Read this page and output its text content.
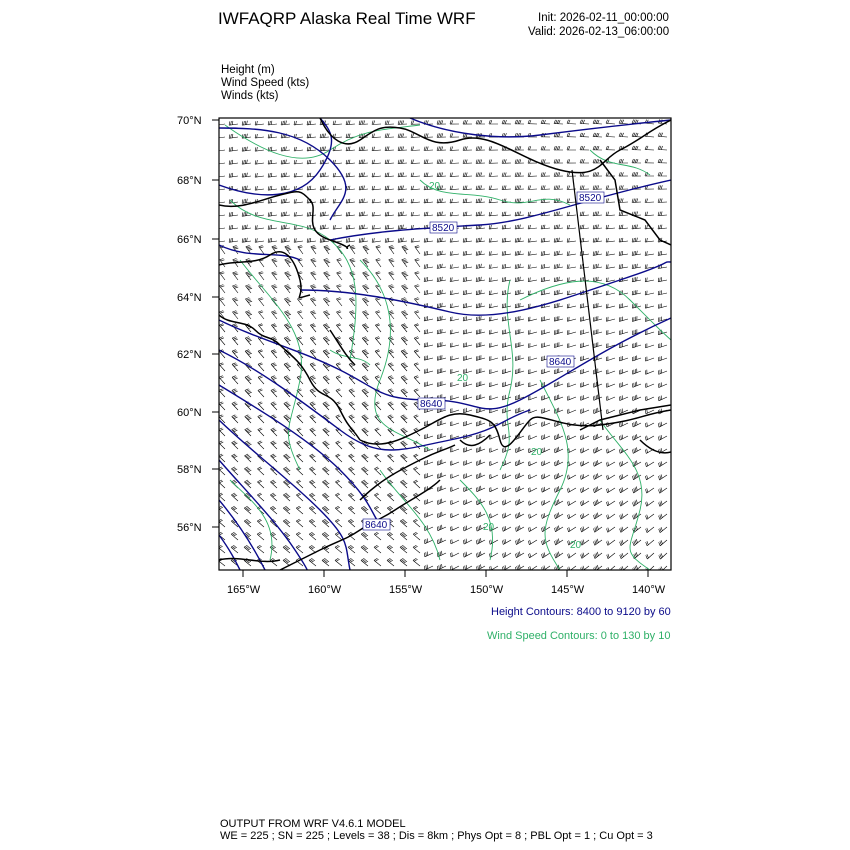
IWFAQRP Alaska Real Time WRF	Init: 2026-02-11_00:00:00
Valid: 2026-02-13_06:00:00
Height (m)
Wind Speed (kts)
Winds (kts)
8520
8520
8640
8640
8640
20
20
20
20
20
70°N
68°N
66°N
64°N
62°N
60°N
58°N
56°N
165°W	160°W	155°W	150°W	145°W	140°W
Height Contours: 8400 to 9120 by 60
Wind Speed Contours: 0 to 130 by 10
OUTPUT FROM WRF V4.6.1 MODEL
WE = 225 ; SN = 225 ; Levels = 38 ; Dis = 8km ; Phys Opt = 8 ; PBL Opt = 1 ; Cu Opt = 3
